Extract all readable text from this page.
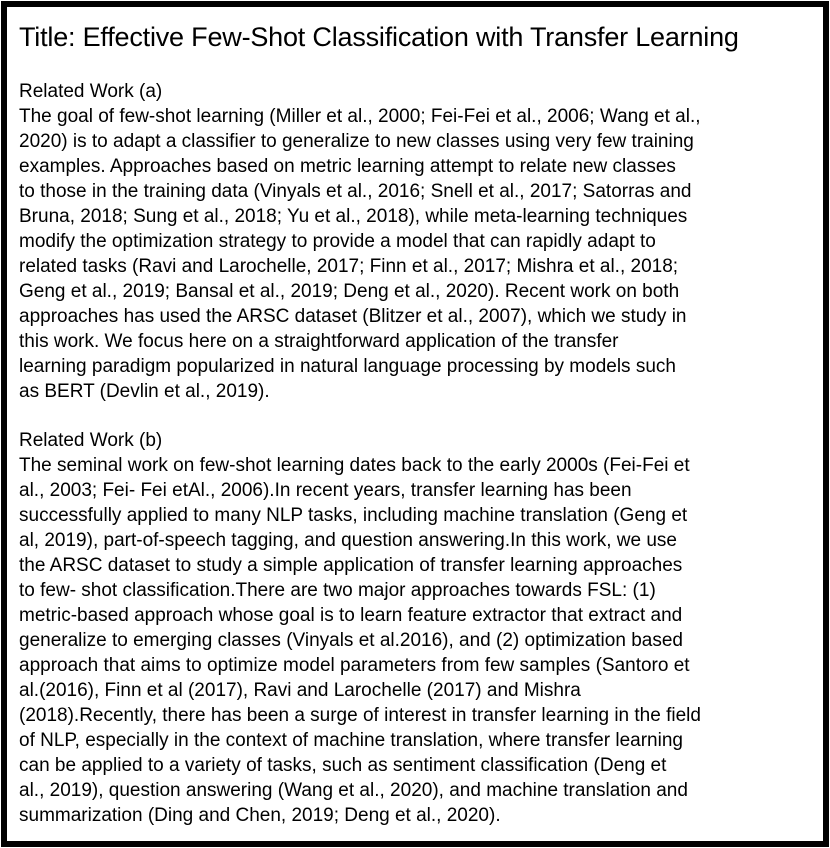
Title: Effective Few-Shot Classification with Transfer Learning
Related Work (a)

The goal of few-shot learning (Miller et al., 2000; Fei-Fei et al., 2006; Wang et al.,
2020) is to adapt a classifier to generalize to new classes using very few training
examples. Approaches based on metric learning attempt to relate new classes
to those in the training data (Vinyals et al., 2016; Snell et al., 2017; Satorras and
Bruna, 2018; Sung et al., 2018; Yu et al., 2018), while meta-learning techniques
modify the optimization strategy to provide a model that can rapidly adapt to
related tasks (Ravi and Larochelle, 2017; Finn et al., 2017; Mishra et al., 2018;
Geng et al., 2019; Bansal et al., 2019; Deng et al., 2020). Recent work on both
approaches has used the ARSC dataset (Blitzer et al., 2007), which we study in
this work. We focus here on a straightforward application of the transfer
learning paradigm popularized in natural language processing by models such
as BERT (Devlin et al., 2019).

Related Work (b)

The seminal work on few-shot learning dates back to the early 2000s (Fei-Fei et
al., 2003; Fei- Fei etAl., 2006).In recent years, transfer learning has been
successfully applied to many NLP tasks, including machine translation (Geng et
al, 2019), part-of-speech tagging, and question answering.In this work, we use
the ARSC dataset to study a simple application of transfer learning approaches
to few- shot classification.There are two major approaches towards FSL: (1)
metric-based approach whose goal is to learn feature extractor that extract and
generalize to emerging classes (Vinyals et al.2016), and (2) optimization based
approach that aims to optimize model parameters from few samples (Santoro et
al.(2016), Finn et al (2017), Ravi and Larochelle (2017) and Mishra
(2018).Recently, there has been a surge of interest in transfer learning in the field
of NLP, especially in the context of machine translation, where transfer learning
can be applied to a variety of tasks, such as sentiment classification (Deng et
al., 2019), question answering (Wang et al., 2020), and machine translation and
summarization (Ding and Chen, 2019; Deng et al., 2020).
